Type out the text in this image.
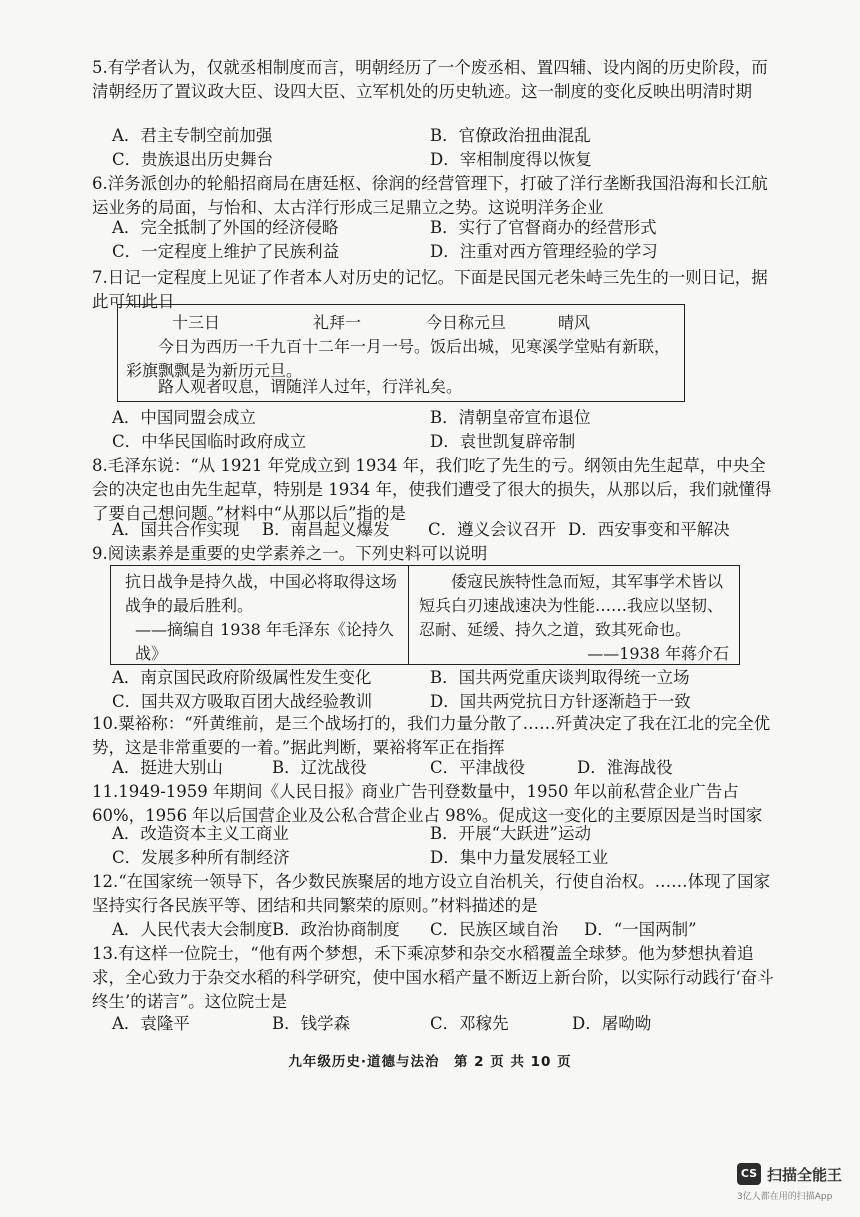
5.有学者认为，仅就丞相制度而言，明朝经历了一个废丞相、置四辅、设内阁的历史阶段，而清朝经历了置议政大臣、设四大臣、立军机处的历史轨迹。这一制度的变化反映出明清时期

A．君主专制空前加强	B．官僚政治扭曲混乱
C．贵族退出历史舞台	D．宰相制度得以恢复

6.洋务派创办的轮船招商局在唐廷枢、徐润的经营管理下，打破了洋行垄断我国沿海和长江航运业务的局面，与怡和、太古洋行形成三足鼎立之势。这说明洋务企业

A．完全抵制了外国的经济侵略	B．实行了官督商办的经营形式
C．一定程度上维护了民族利益	D．注重对西方管理经验的学习

7.日记一定程度上见证了作者本人对历史的记忆。下面是民国元老朱峙三先生的一则日记，据此可知此日

十三日	礼拜一	今日称元旦	晴风

今日为西历一千九百十二年一月一号。饭后出城，见寒溪学堂贴有新联，彩旗飘飘是为新历元旦。

路人观者叹息，谓随洋人过年，行洋礼矣。

A．中国同盟会成立	B．清朝皇帝宣布退位
C．中华民国临时政府成立	D．袁世凯复辟帝制

8.毛泽东说：“从 1921 年党成立到 1934 年，我们吃了先生的亏。纲领由先生起草，中央全会的决定也由先生起草，特别是 1934 年，使我们遭受了很大的损失，从那以后，我们就懂得了要自己想问题。”材料中“从那以后”指的是

A．国共合作实现 B．南昌起义爆发 C．遵义会议召开 D．西安事变和平解决

9.阅读素养是重要的史学素养之一。下列史料可以说明

抗日战争是持久战，中国必将取得这场战争的最后胜利。

——摘编自 1938 年毛泽东《论持久战》

倭寇民族特性急而短，其军事学术皆以短兵白刃速战速决为性能……我应以坚韧、忍耐、延缓、持久之道，致其死命也。

——1938 年蒋介石

A．南京国民政府阶级属性发生变化	B．国共两党重庆谈判取得统一立场
C．国共双方吸取百团大战经验教训	D．国共两党抗日方针逐渐趋于一致

10.粟裕称：“歼黄维前，是三个战场打的，我们力量分散了……歼黄决定了我在江北的完全优势，这是非常重要的一着。”据此判断，粟裕将军正在指挥

A．挺进大别山	B．辽沈战役	C．平津战役	D．淮海战役

11.1949-1959 年期间《人民日报》商业广告刊登数量中，1950 年以前私营企业广告占 60%，1956 年以后国营企业及公私合营企业占 98%。促成这一变化的主要原因是当时国家

A．改造资本主义工商业	B．开展“大跃进”运动
C．发展多种所有制经济	D．集中力量发展轻工业

12.“在国家统一领导下，各少数民族聚居的地方设立自治机关，行使自治权。……体现了国家坚持实行各民族平等、团结和共同繁荣的原则。”材料描述的是

A．人民代表大会制度 B．政治协商制度 C．民族区域自治 D．“一国两制”

13.有这样一位院士，“他有两个梦想，禾下乘凉梦和杂交水稻覆盖全球梦。他为梦想执着追求，全心致力于杂交水稻的科学研究，使中国水稻产量不断迈上新台阶，以实际行动践行‘奋斗终生’的诺言”。这位院士是

A．袁隆平	B．钱学森	C．邓稼先	D．屠呦呦
九年级历史·道德与法治　第 2 页 共 10 页
CS 扫描全能王
3亿人都在用的扫描App
